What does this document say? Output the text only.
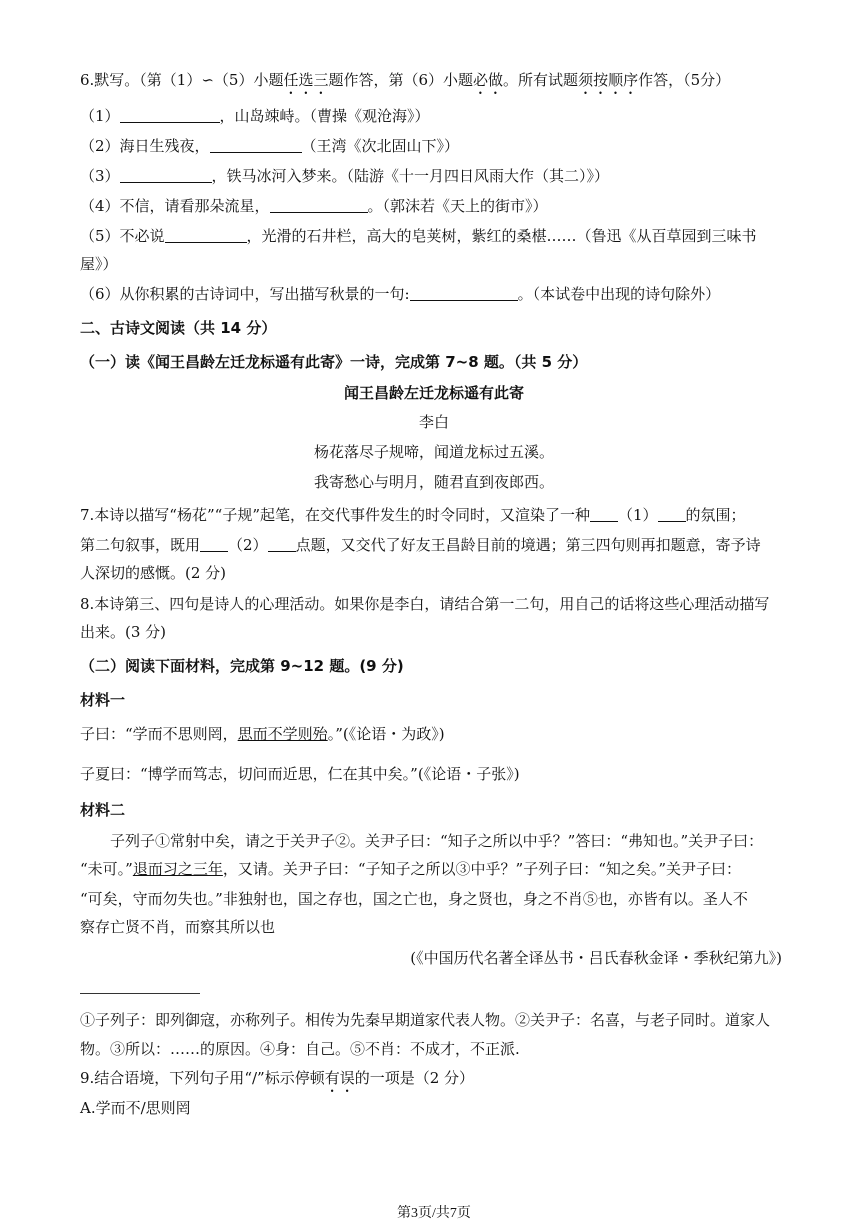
6.默写。（第（1）∽（5）小题任选三题作答，第（6）小题必做。所有试题须按顺序作答，（5分）
（1）	，山岛竦峙。（曹操《观沧海》）
（2）海日生残夜，	（王湾《次北固山下》）
（3）	，铁马冰河入梦来。（陆游《十一月四日风雨大作（其二）》）
（4）不信，请看那朵流星，	。（郭沫若《天上的街市》）
（5）不必说	，光滑的石井栏，高大的皂荚树，紫红的桑椹……（鲁迅《从百草园到三味书
屋》）
（6）从你积累的古诗词中，写出描写秋景的一句:	。（本试卷中出现的诗句除外）
二、古诗文阅读（共 14 分）
（一）读《闻王昌龄左迁龙标遥有此寄》一诗，完成第 7~8 题。（共 5 分）
闻王昌龄左迁龙标遥有此寄
李白
杨花落尽子规啼，闻道龙标过五溪。
我寄愁心与明月，随君直到夜郎西。
7.本诗以描写“杨花”“子规”起笔，在交代事件发生的时令同时，又渲染了一种 （1） 的氛围；
第二句叙事，既用 （2） 点题，又交代了好友王昌龄目前的境遇；第三四句则再扣题意，寄予诗
人深切的感慨。(2 分)
8.本诗第三、四句是诗人的心理活动。如果你是李白，请结合第一二句，用自己的话将这些心理活动描写
出来。(3 分)
（二）阅读下面材料，完成第 9~12 题。(9 分)
材料一
子曰：“学而不思则罔，思而不学则殆。”(《论语・为政》)
子夏曰：“博学而笃志，切问而近思，仁在其中矣。”(《论语・子张》)
材料二
子列子①常射中矣，请之于关尹子②。关尹子曰：“知子之所以中乎？”答曰：“弗知也。”关尹子曰：
“未可。”退而习之三年，又请。关尹子曰：“子知子之所以③中乎？”子列子曰：“知之矣。”关尹子曰：
“可矣，守而勿失也。”非独射也，国之存也，国之亡也，身之贤也，身之不肖⑤也，亦皆有以。圣人不
察存亡贤不肖，而察其所以也
(《中国历代名著全译丛书・吕氏春秋金译・季秋纪第九》)
①子列子：即列御寇，亦称列子。相传为先秦早期道家代表人物。②关尹子：名喜，与老子同时。道家人
物。③所以：……的原因。④身：自己。⑤不肖：不成才，不正派.
9.结合语境，下列句子用“/”标示停顿有误的一项是（2 分）
A.学而不/思则罔
第3页/共7页
